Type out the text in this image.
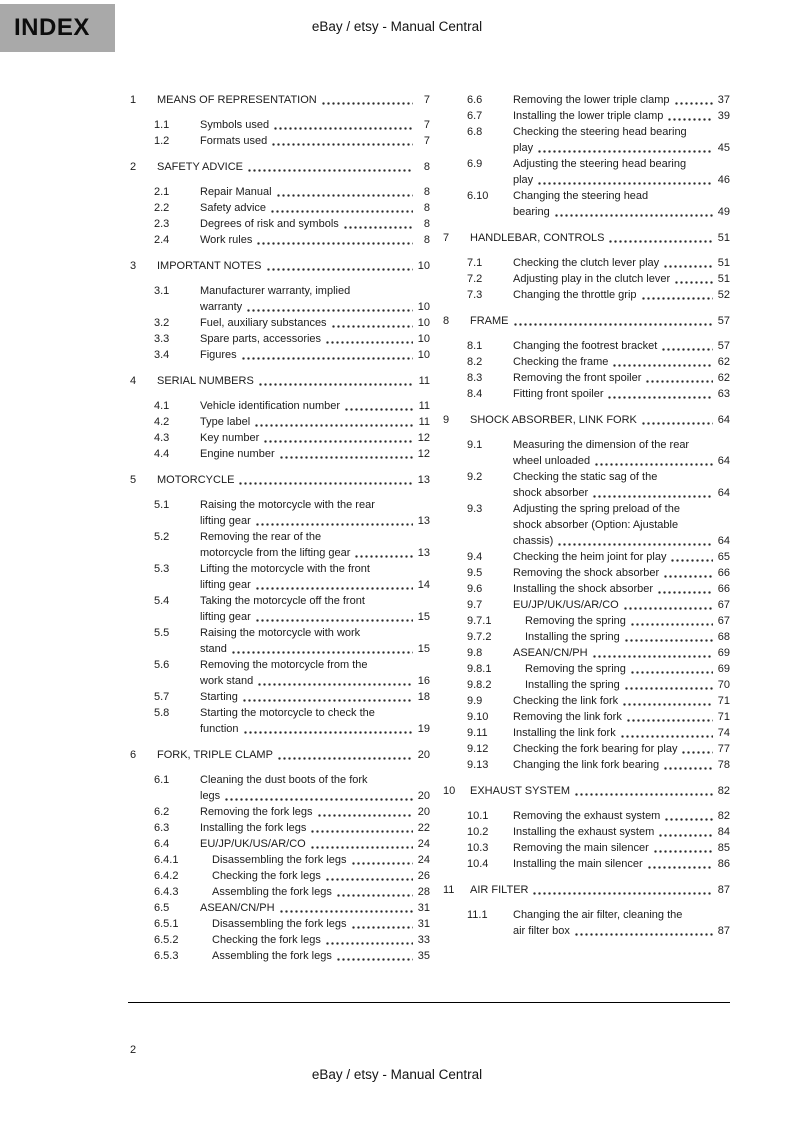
INDEX	eBay / etsy - Manual Central
1	MEANS OF REPRESENTATION	7
1.1	Symbols used	7
1.2	Formats used	7
2	SAFETY ADVICE	8
2.1	Repair Manual	8
2.2	Safety advice	8
2.3	Degrees of risk and symbols	8
2.4	Work rules	8
3	IMPORTANT NOTES	10
3.1	Manufacturer warranty, implied
warranty	10
3.2	Fuel, auxiliary substances	10
3.3	Spare parts, accessories	10
3.4	Figures	10
4	SERIAL NUMBERS	11
4.1	Vehicle identification number	11
4.2	Type label	11
4.3	Key number	12
4.4	Engine number	12
5	MOTORCYCLE	13
5.1	Raising the motorcycle with the rear
lifting gear	13
5.2	Removing the rear of the
motorcycle from the lifting gear	13
5.3	Lifting the motorcycle with the front
lifting gear	14
5.4	Taking the motorcycle off the front
lifting gear	15
5.5	Raising the motorcycle with work
stand	15
5.6	Removing the motorcycle from the
work stand	16
5.7	Starting	18
5.8	Starting the motorcycle to check the
function	19
6	FORK, TRIPLE CLAMP	20
6.1	Cleaning the dust boots of the fork
legs	20
6.2	Removing the fork legs	20
6.3	Installing the fork legs	22
6.4	EU/JP/UK/US/AR/CO	24
6.4.1	Disassembling the fork legs	24
6.4.2	Checking the fork legs	26
6.4.3	Assembling the fork legs	28
6.5	ASEAN/CN/PH	31
6.5.1	Disassembling the fork legs	31
6.5.2	Checking the fork legs	33
6.5.3	Assembling the fork legs	35
6.6	Removing the lower triple clamp	37
6.7	Installing the lower triple clamp	39
6.8	Checking the steering head bearing
play	45
6.9	Adjusting the steering head bearing
play	46
6.10	Changing the steering head
bearing	49
7	HANDLEBAR, CONTROLS	51
7.1	Checking the clutch lever play	51
7.2	Adjusting play in the clutch lever	51
7.3	Changing the throttle grip	52
8	FRAME	57
8.1	Changing the footrest bracket	57
8.2	Checking the frame	62
8.3	Removing the front spoiler	62
8.4	Fitting front spoiler	63
9	SHOCK ABSORBER, LINK FORK	64
9.1	Measuring the dimension of the rear
wheel unloaded	64
9.2	Checking the static sag of the
shock absorber	64
9.3	Adjusting the spring preload of the
shock absorber (Option: Ajustable
chassis)	64
9.4	Checking the heim joint for play	65
9.5	Removing the shock absorber	66
9.6	Installing the shock absorber	66
9.7	EU/JP/UK/US/AR/CO	67
9.7.1	Removing the spring	67
9.7.2	Installing the spring	68
9.8	ASEAN/CN/PH	69
9.8.1	Removing the spring	69
9.8.2	Installing the spring	70
9.9	Checking the link fork	71
9.10	Removing the link fork	71
9.11	Installing the link fork	74
9.12	Checking the fork bearing for play	77
9.13	Changing the link fork bearing	78
10	EXHAUST SYSTEM	82
10.1	Removing the exhaust system	82
10.2	Installing the exhaust system	84
10.3	Removing the main silencer	85
10.4	Installing the main silencer	86
11	AIR FILTER	87
11.1	Changing the air filter, cleaning the
air filter box	87
2
eBay / etsy - Manual Central
